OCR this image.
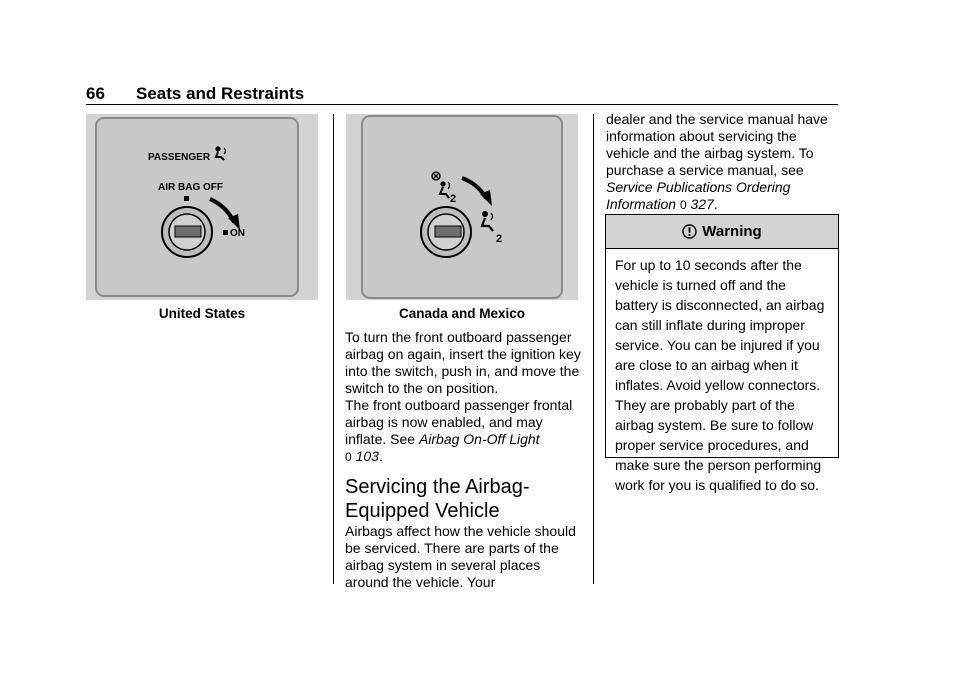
66 Seats and Restraints
PASSENGER
AIR BAG OFF
ON
United States
2
2
Canada and Mexico

To turn the front outboard passenger airbag on again, insert the ignition key into the switch, push in, and move the switch to the on position.

The front outboard passenger frontal airbag is now enabled, and may inflate. See Airbag On-Off Light
0 103.

Servicing the Airbag-Equipped Vehicle

Airbags affect how the vehicle should be serviced. There are parts of the airbag system in several places around the vehicle. Your

dealer and the service manual have information about servicing the vehicle and the airbag system. To purchase a service manual, see Service Publications Ordering Information 0 327.

Warning

For up to 10 seconds after the vehicle is turned off and the battery is disconnected, an airbag can still inflate during improper service. You can be injured if you are close to an airbag when it inflates. Avoid yellow connectors. They are probably part of the airbag system. Be sure to follow proper service procedures, and make sure the person performing work for you is qualified to do so.
